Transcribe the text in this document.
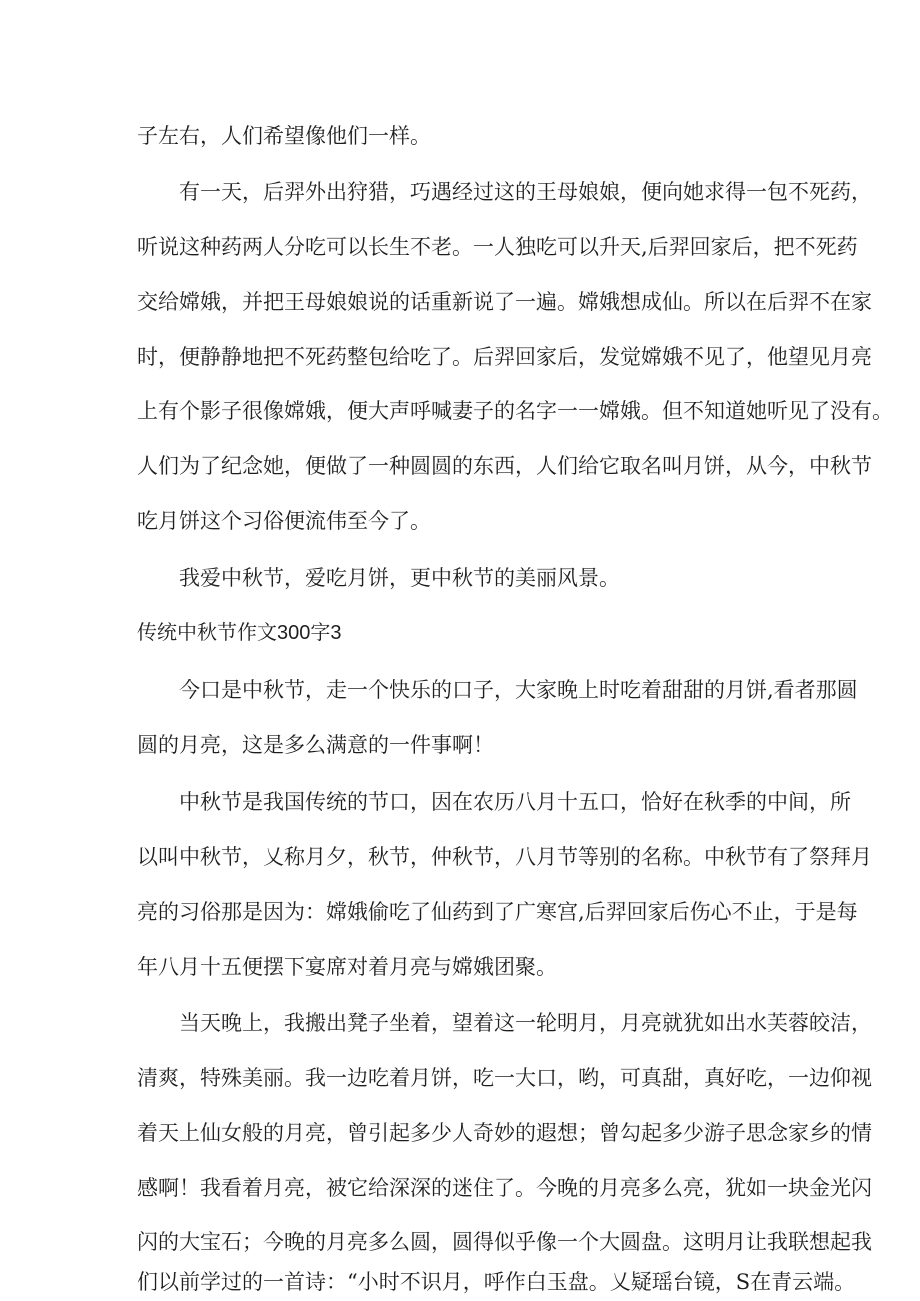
子左右，人们希望像他们一样。
有一天，后羿外出狩猎，巧遇经过这的王母娘娘，便向她求得一包不死药，
听说这种药两人分吃可以长生不老。一人独吃可以升天,后羿回家后，把不死药
交给嫦娥，并把王母娘娘说的话重新说了一遍。嫦娥想成仙。所以在后羿不在家
时，便静静地把不死药整包给吃了。后羿回家后，发觉嫦娥不见了，他望见月亮
上有个影子很像嫦娥，便大声呼喊妻子的名字一一嫦娥。但不知道她听见了没有。
人们为了纪念她，便做了一种圆圆的东西，人们给它取名叫月饼，从今，中秋节
吃月饼这个习俗便流伟至今了。
我爱中秋节，爱吃月饼，更中秋节的美丽风景。
传统中秋节作文300字3
今口是中秋节，走一个快乐的口子，大家晚上时吃着甜甜的月饼,看者那圆
圆的月亮，这是多么满意的一件事啊！
中秋节是我国传统的节口，因在农历八月十五口，恰好在秋季的中间，所
以叫中秋节，乂称月夕，秋节，仲秋节，八月节等别的名称。中秋节有了祭拜月
亮的习俗那是因为：嫦娥偷吃了仙药到了广寒宫,后羿回家后伤心不止，于是每
年八月十五便摆下宴席对着月亮与嫦娥团聚。
当天晚上，我搬出凳子坐着，望着这一轮明月，月亮就犹如出水芙蓉皎洁，
清爽，特殊美丽。我一边吃着月饼，吃一大口，哟，可真甜，真好吃，一边仰视
着天上仙女般的月亮，曾引起多少人奇妙的遐想；曾勾起多少游子思念家乡的情
感啊！我看着月亮，被它给深深的迷住了。今晚的月亮多么亮，犹如一块金光闪
闪的大宝石；今晚的月亮多么圆，圆得似乎像一个大圆盘。这明月让我联想起我
们以前学过的一首诗：“小时不识月，呼作白玉盘。乂疑瑶台镜，S在青云端。
